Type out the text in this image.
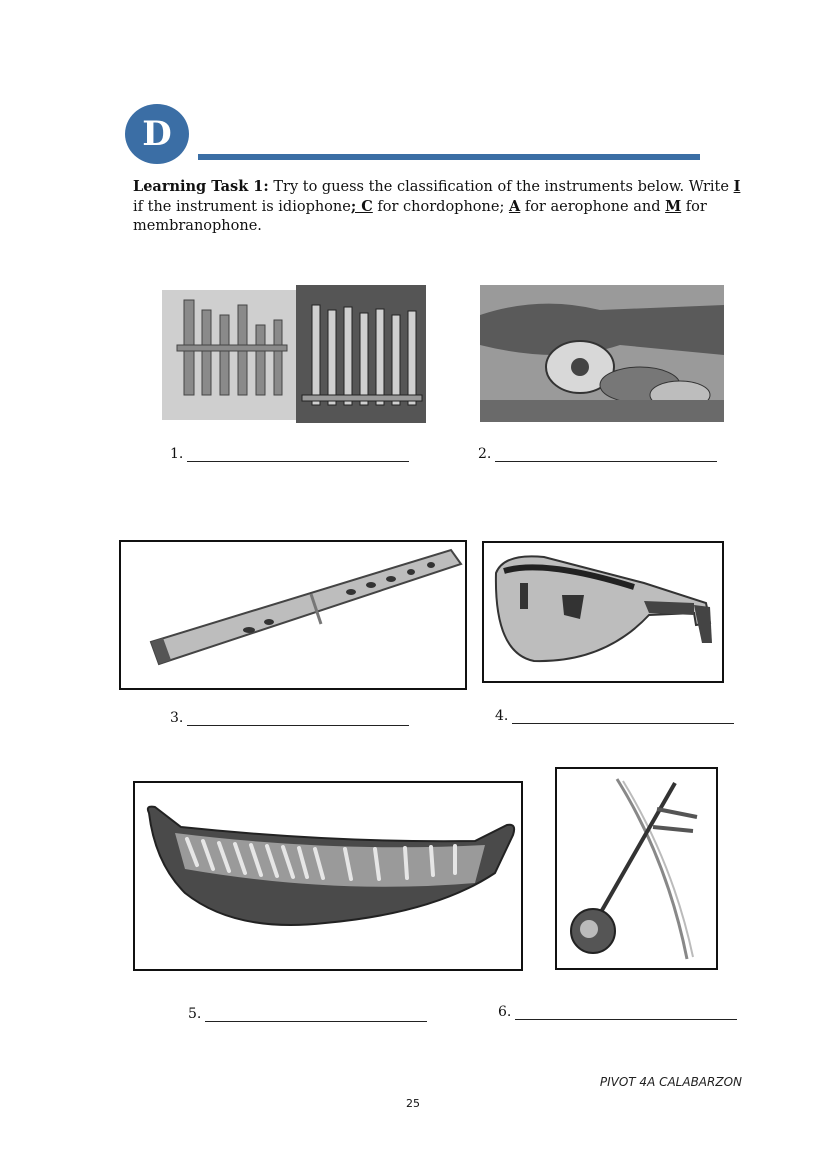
D
Learning Task 1: Try to guess the classification of the instruments below. Write I if the instrument is idiophone; C for chordophone; A for aerophone and M for membranophone.
1.	2.
3.	4.
5.	6.
PIVOT 4A CALABARZON
25
